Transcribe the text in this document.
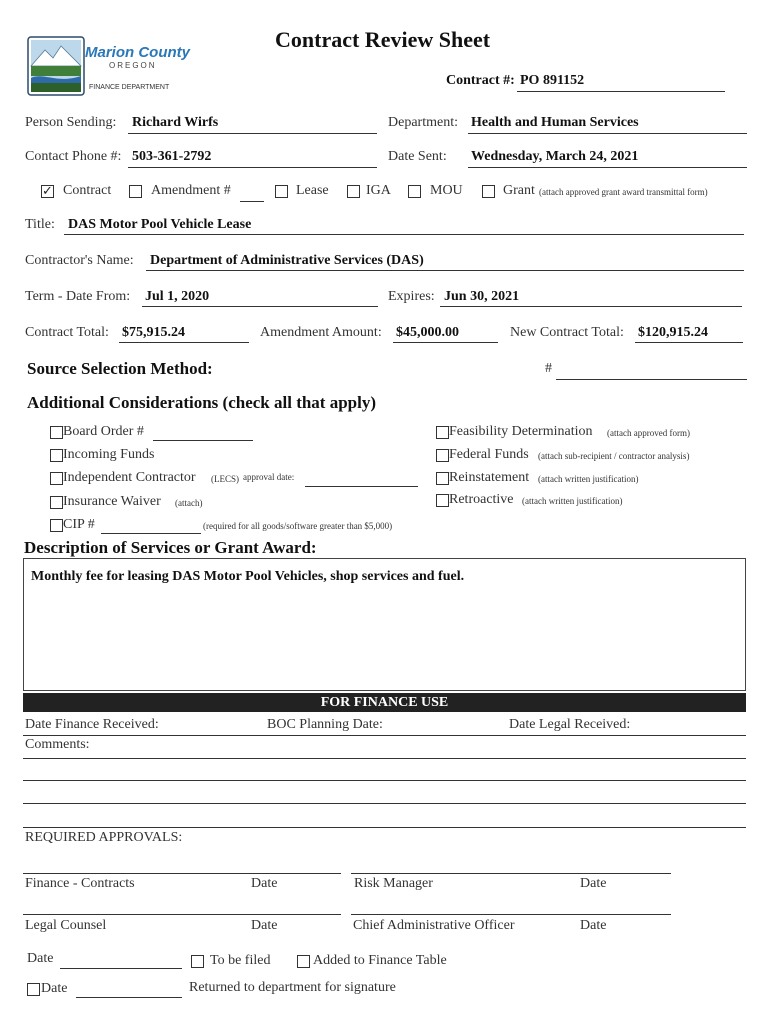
Marion County
OREGON
FINANCE DEPARTMENT
Contract Review Sheet
Contract #: PO 891152
Person Sending: Richard Wirfs	Department: Health and Human Services
Contact Phone #: 503-361-2792	Date Sent: Wednesday, March 24, 2021
✓ Contract	Amendment #	Lease	IGA	MOU	Grant (attach approved grant award transmittal form)
Title: DAS Motor Pool Vehicle Lease
Contractor's Name: Department of Administrative Services (DAS)
Term - Date From: Jul 1, 2020	Expires: Jun 30, 2021
Contract Total: $75,915.24	Amendment Amount: $45,000.00	New Contract Total: $120,915.24
Source Selection Method:	#
Additional Considerations (check all that apply)
Board Order #
Incoming Funds
Independent Contractor (LECS) approval date:
Insurance Waiver (attach)
CIP #	(required for all goods/software greater than $5,000)
Feasibility Determination (attach approved form)
Federal Funds (attach sub-recipient / contractor analysis)
Reinstatement (attach written justification)
Retroactive (attach written justification)
Description of Services or Grant Award:
Monthly fee for leasing DAS Motor Pool Vehicles, shop services and fuel.
FOR FINANCE USE
Date Finance Received:	BOC Planning Date:	Date Legal Received:
Comments:
REQUIRED APPROVALS:
Finance - Contracts	Date	Risk Manager	Date
Legal Counsel	Date	Chief Administrative Officer	Date
Date	To be filed	Added to Finance Table
Date	Returned to department for signature
